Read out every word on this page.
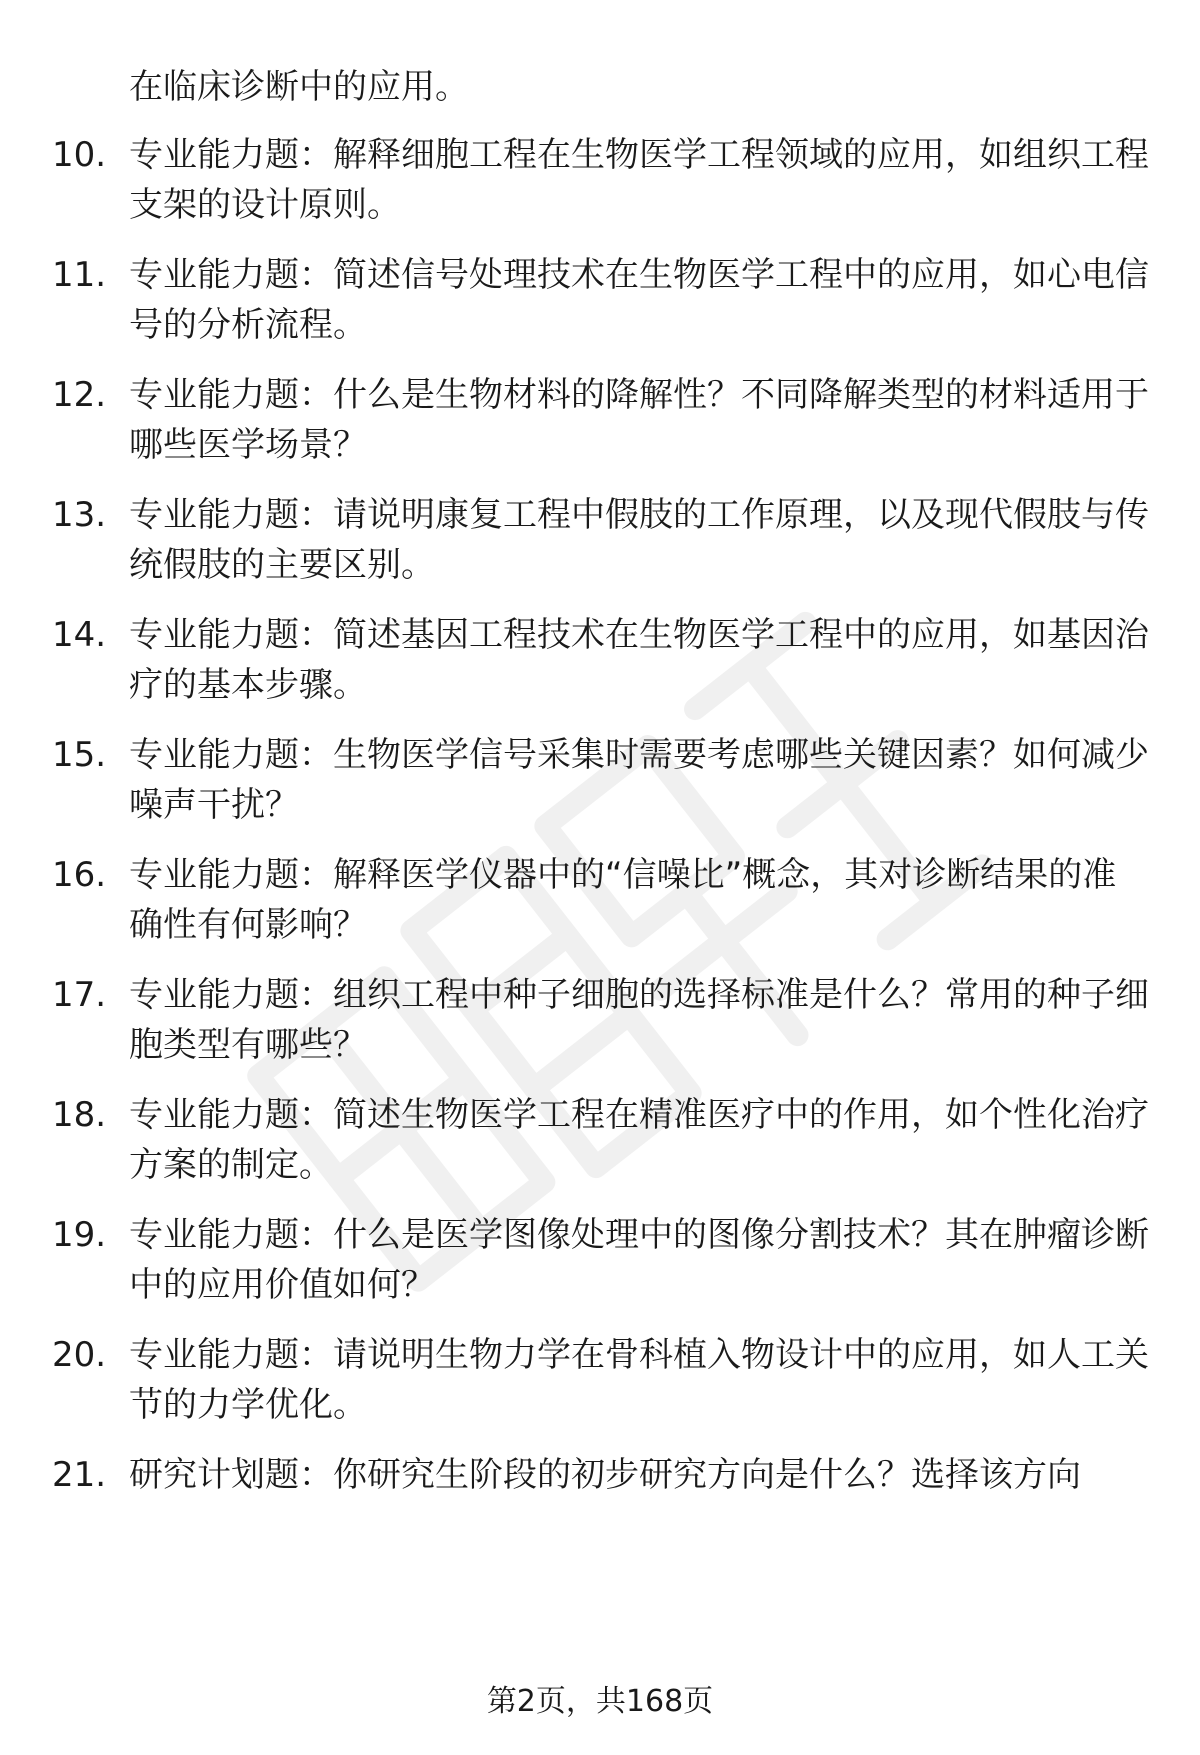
在临床诊断中的应用。
10. 专业能力题：解释细胞工程在生物医学工程领域的应用，如组织工程支架的设计原则。
11. 专业能力题：简述信号处理技术在生物医学工程中的应用，如心电信号的分析流程。
12. 专业能力题：什么是生物材料的降解性？不同降解类型的材料适用于哪些医学场景？
13. 专业能力题：请说明康复工程中假肢的工作原理，以及现代假肢与传统假肢的主要区别。
14. 专业能力题：简述基因工程技术在生物医学工程中的应用，如基因治疗的基本步骤。
15. 专业能力题：生物医学信号采集时需要考虑哪些关键因素？如何减少噪声干扰？
16. 专业能力题：解释医学仪器中的“信噪比”概念，其对诊断结果的准确性有何影响？
17. 专业能力题：组织工程中种子细胞的选择标准是什么？常用的种子细胞类型有哪些？
18. 专业能力题：简述生物医学工程在精准医疗中的作用，如个性化治疗方案的制定。
19. 专业能力题：什么是医学图像处理中的图像分割技术？其在肿瘤诊断中的应用价值如何？
20. 专业能力题：请说明生物力学在骨科植入物设计中的应用，如人工关节的力学优化。
21. 研究计划题：你研究生阶段的初步研究方向是什么？选择该方向
第2页，共168页
